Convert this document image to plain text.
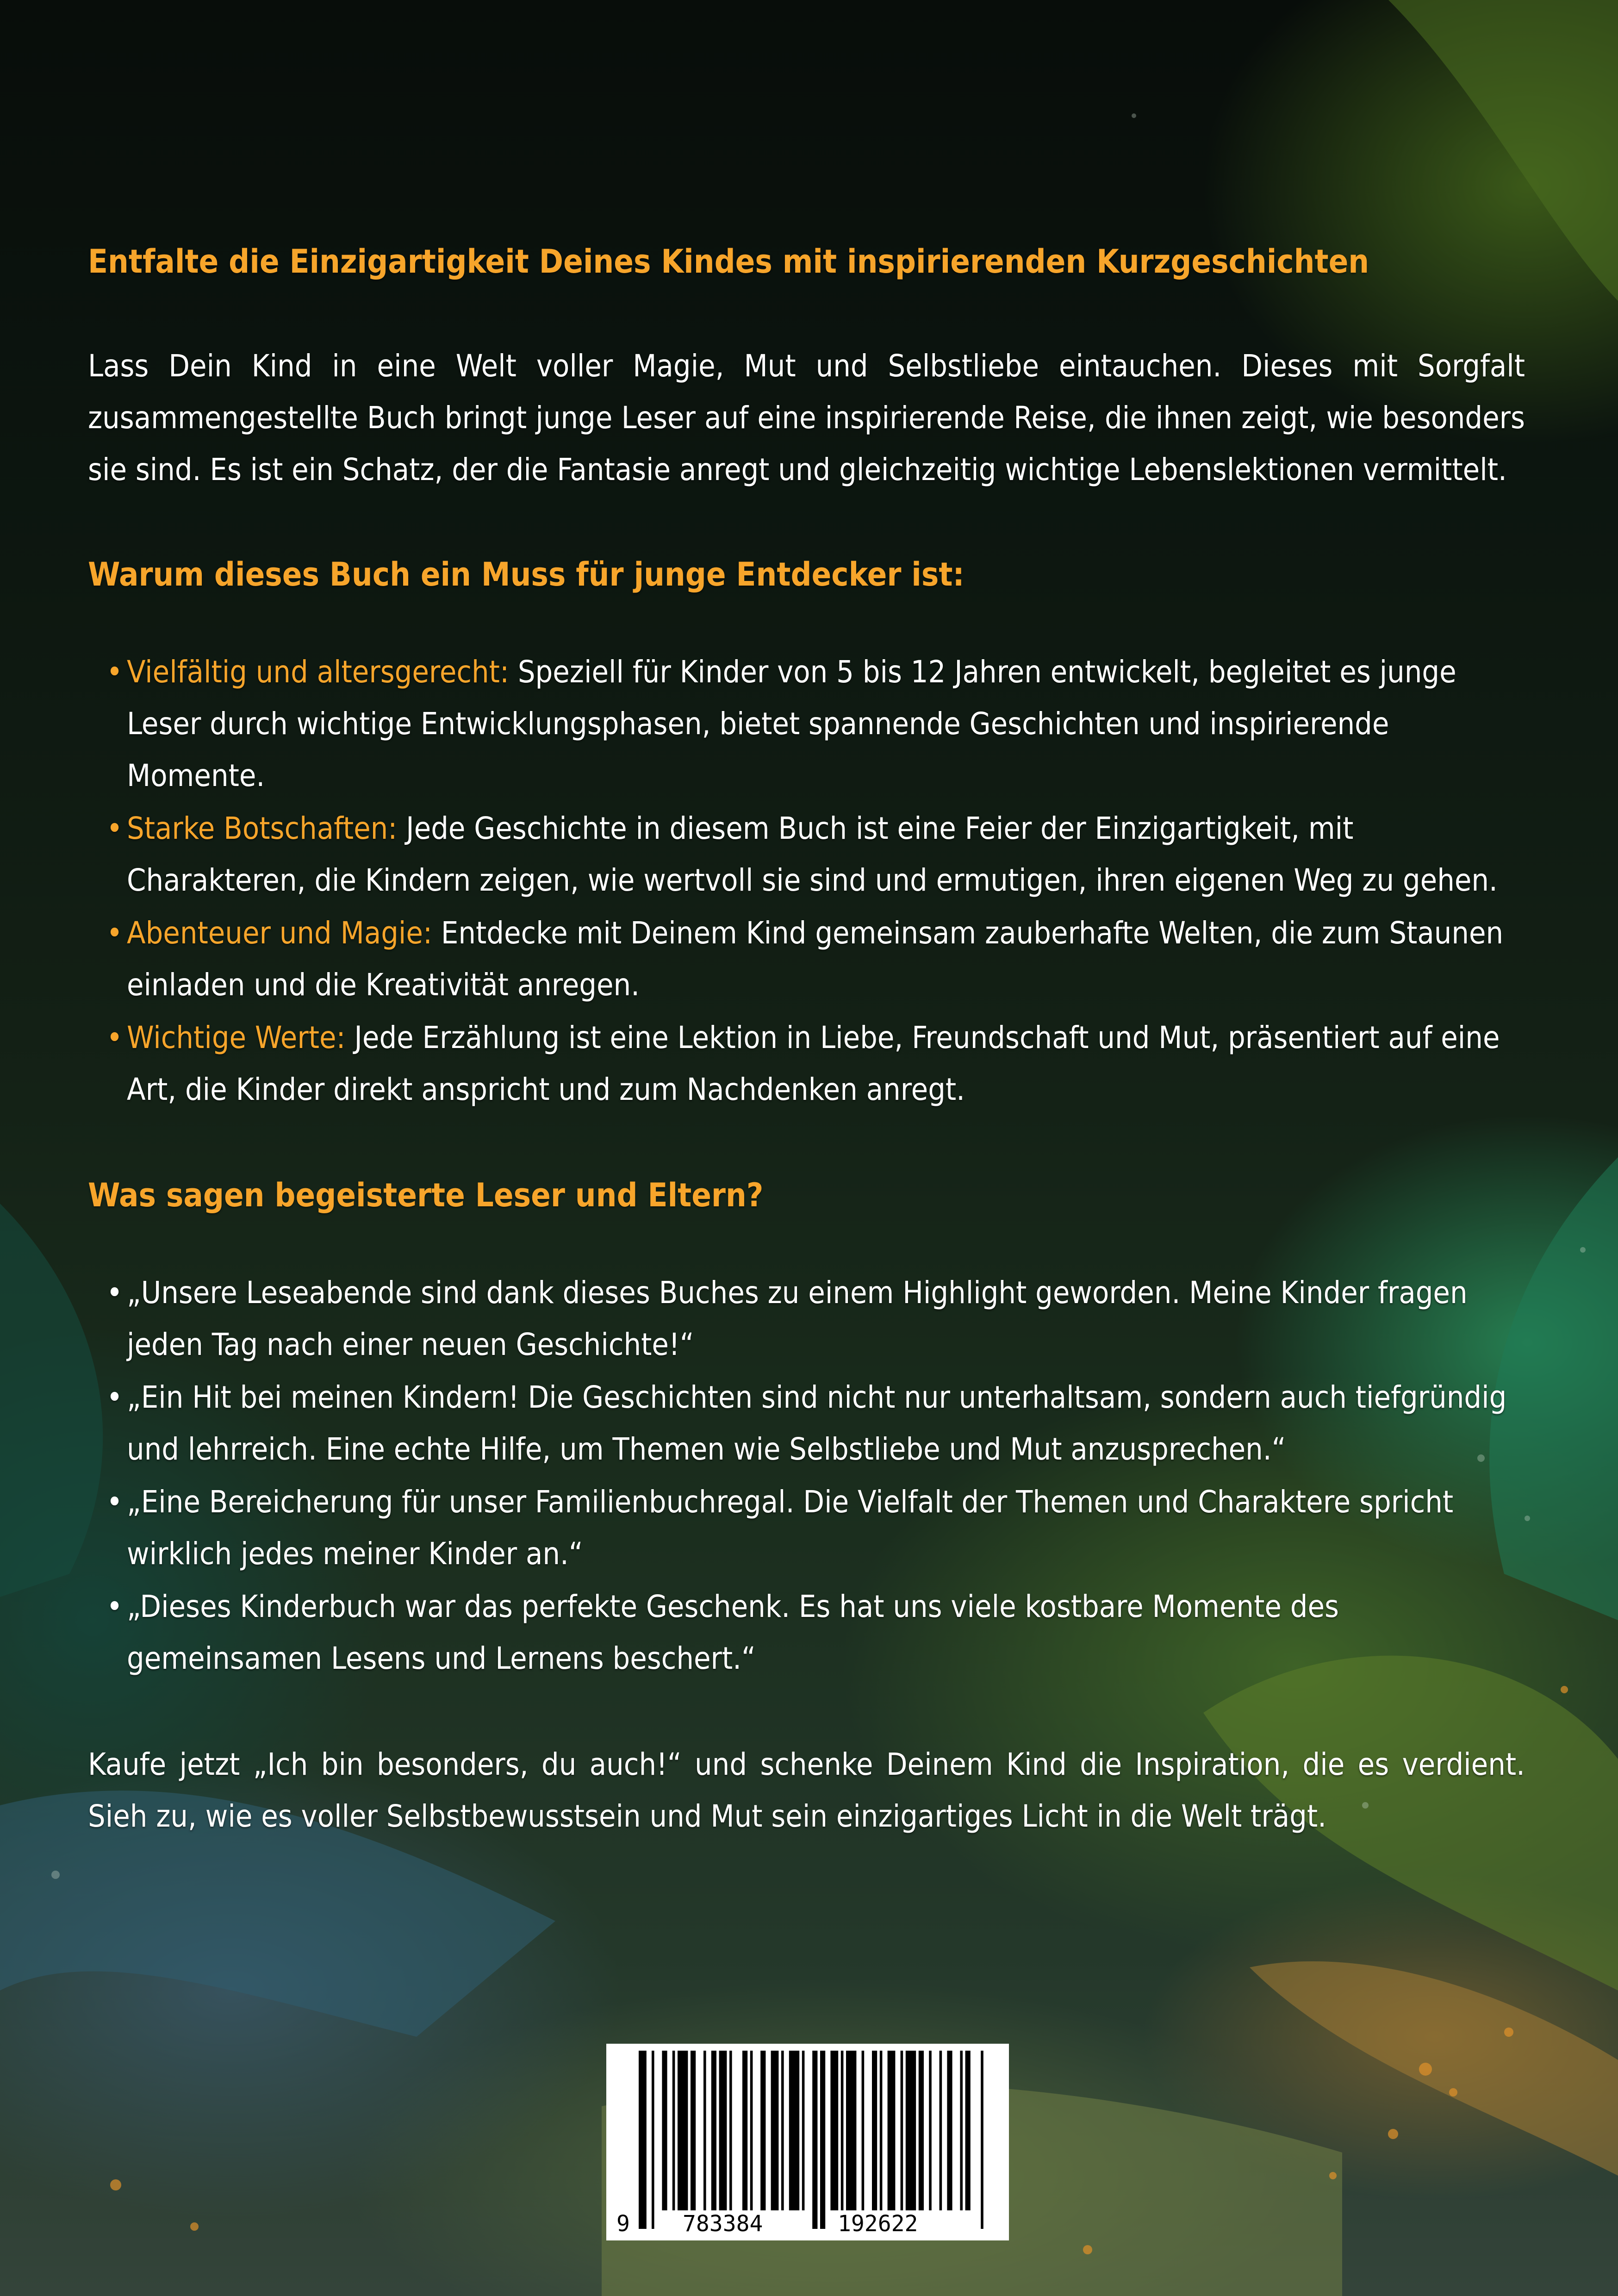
Entfalte die Einzigartigkeit Deines Kindes mit inspirierenden Kurzgeschichten

Lass Dein Kind in eine Welt voller Magie, Mut und Selbstliebe eintauchen. Dieses mit Sorgfalt zusammengestellte Buch bringt junge Leser auf eine inspirierende Reise, die ihnen zeigt, wie besonders sie sind. Es ist ein Schatz, der die Fantasie anregt und gleichzeitig wichtige Lebenslektionen vermittelt.

Warum dieses Buch ein Muss für junge Entdecker ist:
• Vielfältig und altersgerecht: Speziell für Kinder von 5 bis 12 Jahren entwickelt, begleitet es junge Leser durch wichtige Entwicklungsphasen, bietet spannende Geschichten und inspirierende Momente.
• Starke Botschaften: Jede Geschichte in diesem Buch ist eine Feier der Einzigartigkeit, mit Charakteren, die Kindern zeigen, wie wertvoll sie sind und ermutigen, ihren eigenen Weg zu gehen.
• Abenteuer und Magie: Entdecke mit Deinem Kind gemeinsam zauberhafte Welten, die zum Staunen einladen und die Kreativität anregen.
• Wichtige Werte: Jede Erzählung ist eine Lektion in Liebe, Freundschaft und Mut, präsentiert auf eine Art, die Kinder direkt anspricht und zum Nachdenken anregt.
Was sagen begeisterte Leser und Eltern?
• „Unsere Leseabende sind dank dieses Buches zu einem Highlight geworden. Meine Kinder fragen jeden Tag nach einer neuen Geschichte!“
• „Ein Hit bei meinen Kindern! Die Geschichten sind nicht nur unterhaltsam, sondern auch tiefgründig und lehrreich. Eine echte Hilfe, um Themen wie Selbstliebe und Mut anzusprechen.“
• „Eine Bereicherung für unser Familienbuchregal. Die Vielfalt der Themen und Charaktere spricht wirklich jedes meiner Kinder an.“
• „Dieses Kinderbuch war das perfekte Geschenk. Es hat uns viele kostbare Momente des gemeinsamen Lesens und Lernens beschert.“

Kaufe jetzt „Ich bin besonders, du auch!“ und schenke Deinem Kind die Inspiration, die es verdient. Sieh zu, wie es voller Selbstbewusstsein und Mut sein einzigartiges Licht in die Welt trägt.

9 783384	192622
